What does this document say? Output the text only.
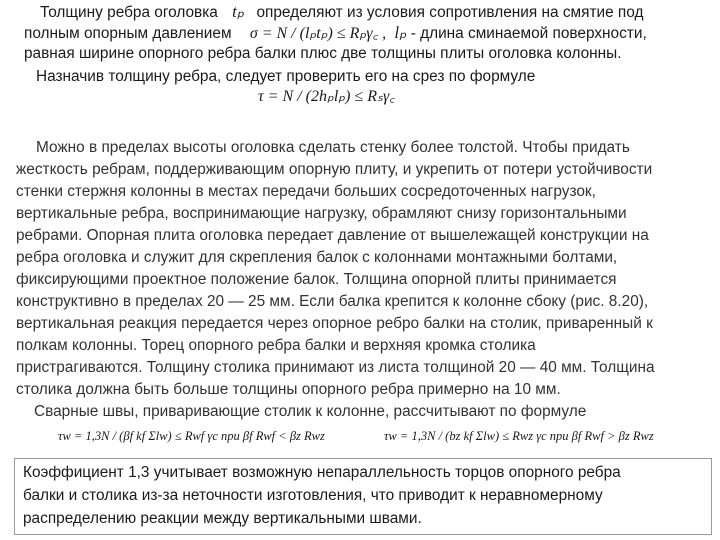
Толщину ребра оголовка tₚ определяют из условия сопротивления на смятие под
полным опорным давлением σ = N / (lₚtₚ) ≤ Rₚγ꜀ , lₚ - длина сминаемой поверхности,
равная ширине опорного ребра балки плюс две толщины плиты оголовка колонны.
Назначив толщину ребра, следует проверить его на срез по формуле
τ = N / (2hₚlₚ) ≤ Rₛγ꜀
Можно в пределах высоты оголовка сделать стенку более толстой. Чтобы придать
жесткость ребрам, поддерживающим опорную плиту, и укрепить от потери устойчивости
стенки стержня колонны в местах передачи больших сосредоточенных нагрузок,
вертикальные ребра, воспринимающие нагрузку, обрамляют снизу горизонтальными
ребрами. Опорная плита оголовка передает давление от вышележащей конструкции на
ребра оголовка и служит для скрепления балок с колоннами монтажными болтами,
фиксирующими проектное положение балок. Толщина опорной плиты принимается
конструктивно в пределах 20 — 25 мм. Если балка крепится к колонне сбоку (рис. 8.20),
вертикальная реакция передается через опорное ребро балки на столик, приваренный к
полкам колонны. Торец опорного ребра балки и верхняя кромка столика
пристрагиваются. Толщину столика принимают из листа толщиной 20 — 40 мм. Толщина
столика должна быть больше толщины опорного ребра примерно на 10 мм.
Сварные швы, приваривающие столик к колонне, рассчитывают по формуле
τw = 1,3N / (βf kf Σlw) ≤ Rwf γc при βf Rwf < βz Rwz	τw = 1,3N / (bz kf Σlw) ≤ Rwz γc при βf Rwf > βz Rwz
Коэффициент 1,3 учитывает возможную непараллельность торцов опорного ребра
балки и столика из-за неточности изготовления, что приводит к неравномерному
распределению реакции между вертикальными швами.
